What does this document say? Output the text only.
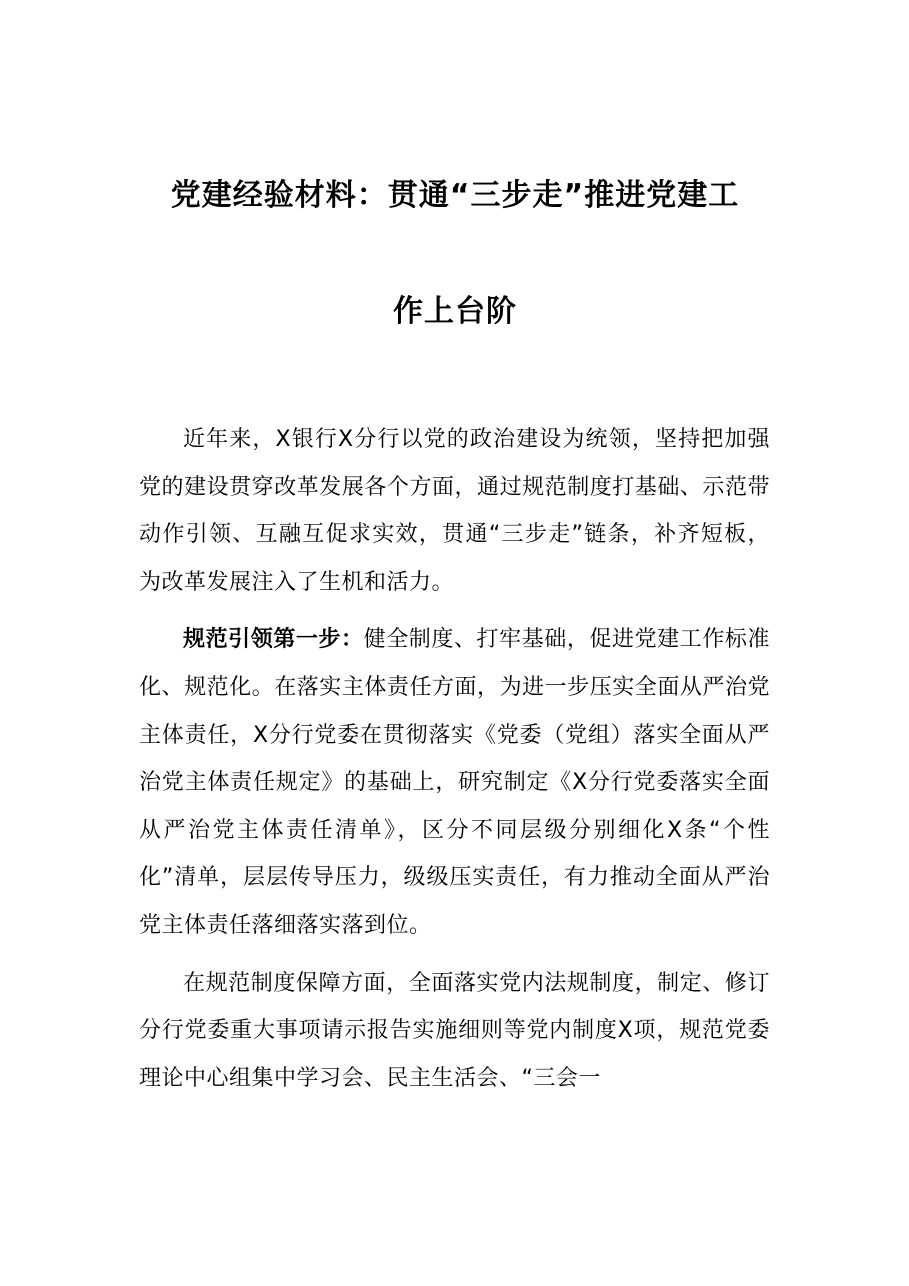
党建经验材料：贯通“三步走”推进党建工
作上台阶

近年来，X银行X分行以党的政治建设为统领，坚持把加强党的建设贯穿改革发展各个方面，通过规范制度打基础、示范带动作引领、互融互促求实效，贯通“三步走”链条，补齐短板，为改革发展注入了生机和活力。

规范引领第一步：健全制度、打牢基础，促进党建工作标准化、规范化。在落实主体责任方面，为进一步压实全面从严治党主体责任，X分行党委在贯彻落实《党委（党组）落实全面从严治党主体责任规定》的基础上，研究制定《X分行党委落实全面从严治党主体责任清单》，区分不同层级分别细化X条“个性化”清单，层层传导压力，级级压实责任，有力推动全面从严治党主体责任落细落实落到位。

在规范制度保障方面，全面落实党内法规制度，制定、修订分行党委重大事项请示报告实施细则等党内制度X项，规范党委理论中心组集中学习会、民主生活会、“三会一
